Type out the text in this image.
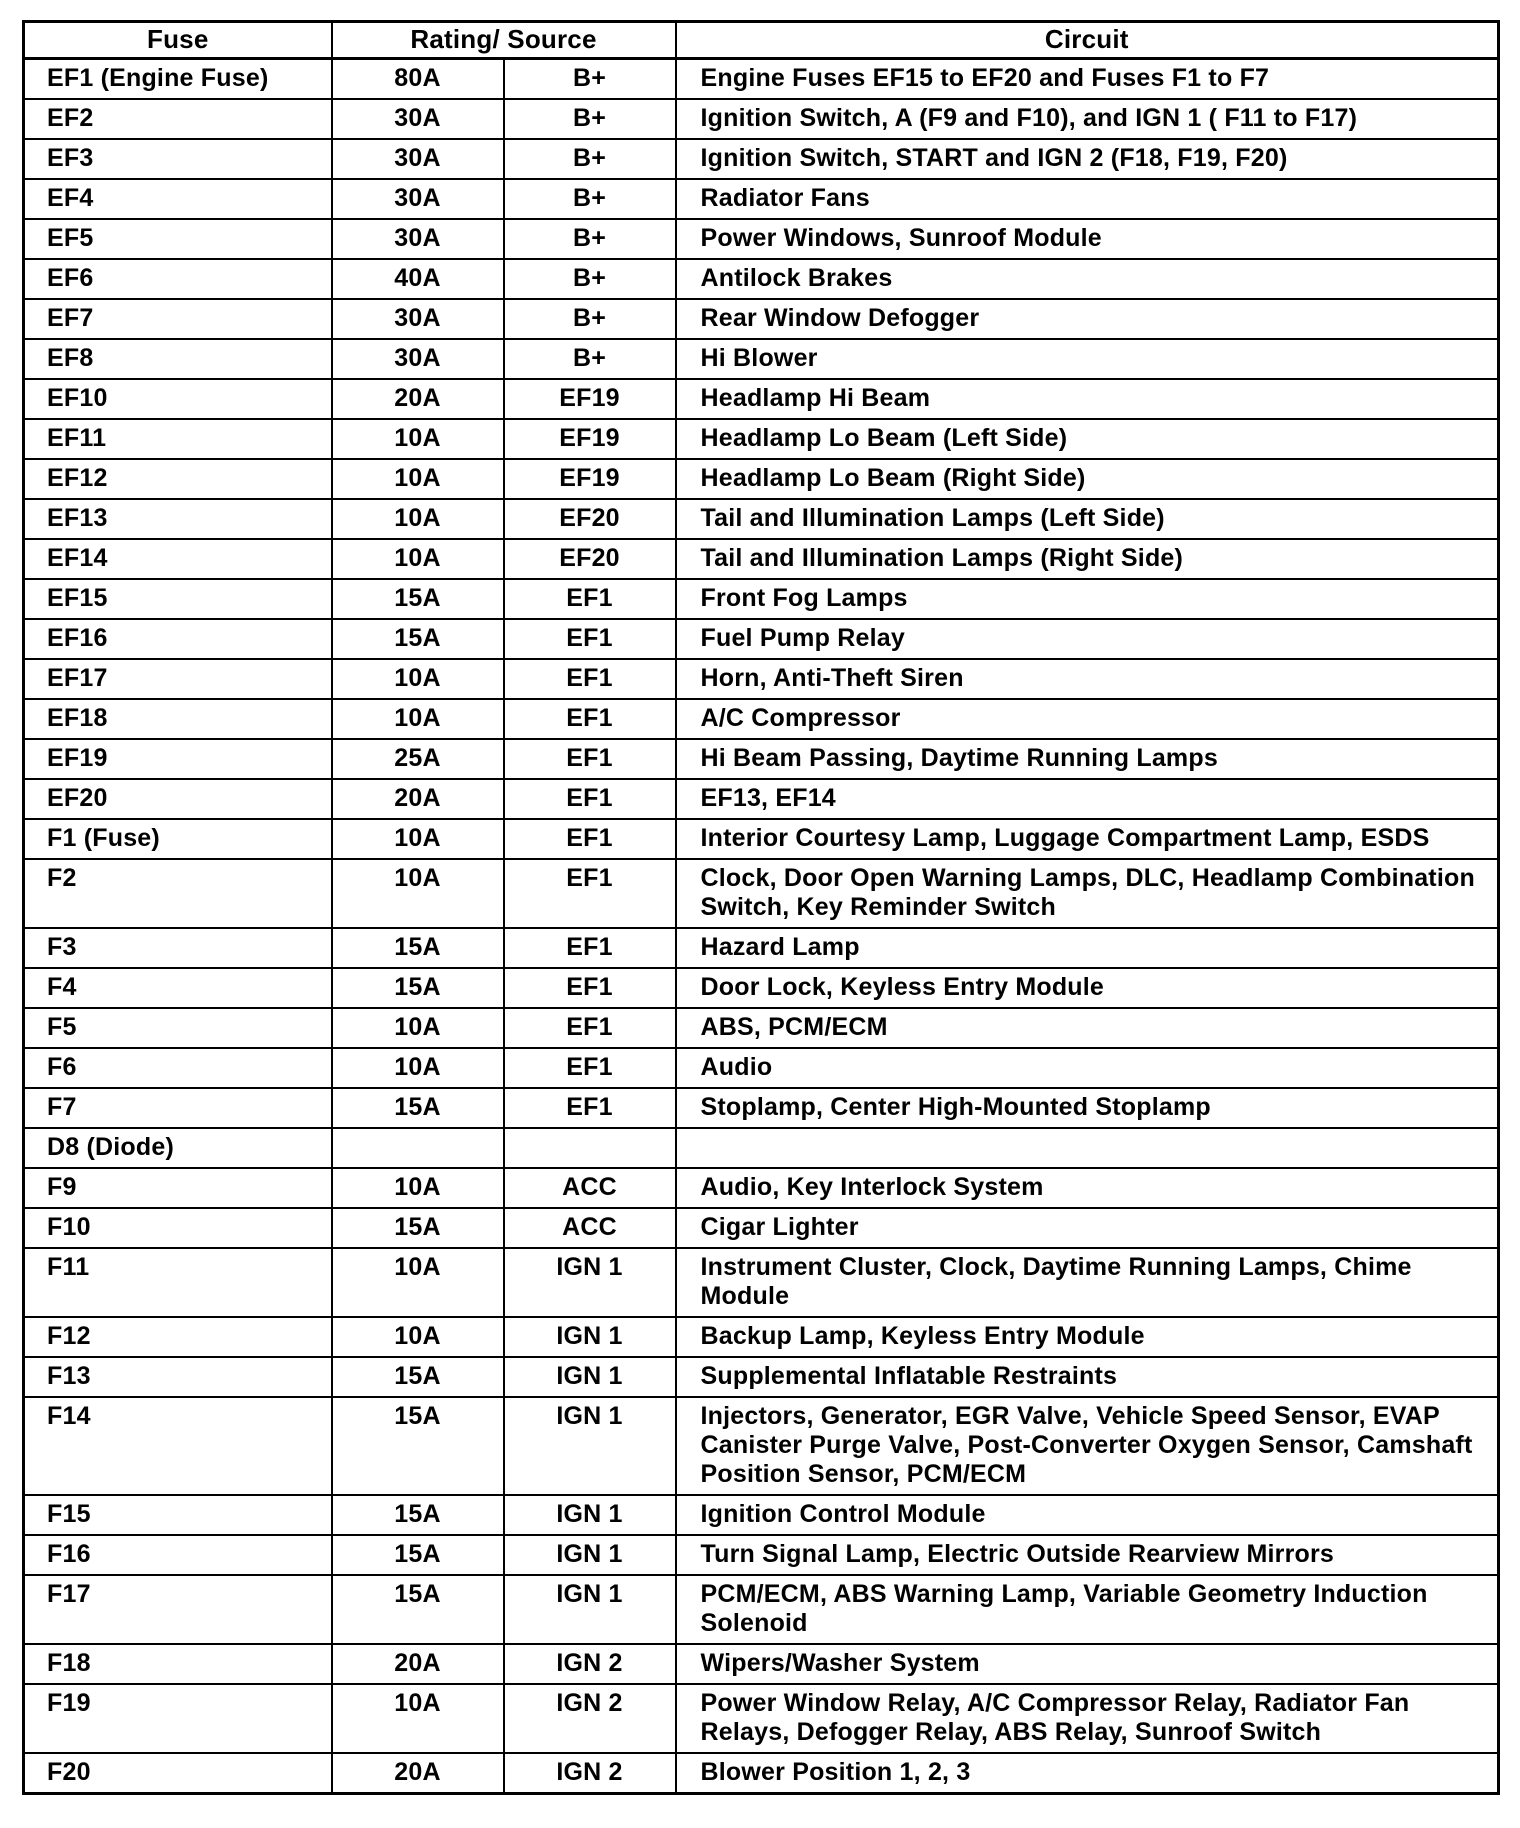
Fuse	Rating/ Source		Circuit
EF1 (Engine Fuse)	80A	B+	Engine Fuses EF15 to EF20 and Fuses F1 to F7
EF2	30A	B+	Ignition Switch, A (F9 and F10), and IGN 1 ( F11 to F17)
EF3	30A	B+	Ignition Switch, START and IGN 2 (F18, F19, F20)
EF4	30A	B+	Radiator Fans
EF5	30A	B+	Power Windows, Sunroof Module
EF6	40A	B+	Antilock Brakes
EF7	30A	B+	Rear Window Defogger
EF8	30A	B+	Hi Blower
EF10	20A	EF19	Headlamp Hi Beam
EF11	10A	EF19	Headlamp Lo Beam (Left Side)
EF12	10A	EF19	Headlamp Lo Beam (Right Side)
EF13	10A	EF20	Tail and Illumination Lamps (Left Side)
EF14	10A	EF20	Tail and Illumination Lamps (Right Side)
EF15	15A	EF1	Front Fog Lamps
EF16	15A	EF1	Fuel Pump Relay
EF17	10A	EF1	Horn, Anti-Theft Siren
EF18	10A	EF1	A/C Compressor
EF19	25A	EF1	Hi Beam Passing, Daytime Running Lamps
EF20	20A	EF1	EF13, EF14
F1 (Fuse)	10A	EF1	Interior Courtesy Lamp, Luggage Compartment Lamp, ESDS
F2	10A	EF1	Clock, Door Open Warning Lamps, DLC, Headlamp Combination Switch, Key Reminder Switch
F3	15A	EF1	Hazard Lamp
F4	15A	EF1	Door Lock, Keyless Entry Module
F5	10A	EF1	ABS, PCM/ECM
F6	10A	EF1	Audio
F7	15A	EF1	Stoplamp, Center High-Mounted Stoplamp
D8 (Diode)			
F9	10A	ACC	Audio, Key Interlock System
F10	15A	ACC	Cigar Lighter
F11	10A	IGN 1	Instrument Cluster, Clock, Daytime Running Lamps, Chime Module
F12	10A	IGN 1	Backup Lamp, Keyless Entry Module
F13	15A	IGN 1	Supplemental Inflatable Restraints
F14	15A	IGN 1	Injectors, Generator, EGR Valve, Vehicle Speed Sensor, EVAP Canister Purge Valve, Post-Converter Oxygen Sensor, Camshaft Position Sensor, PCM/ECM
F15	15A	IGN 1	Ignition Control Module
F16	15A	IGN 1	Turn Signal Lamp, Electric Outside Rearview Mirrors
F17	15A	IGN 1	PCM/ECM, ABS Warning Lamp, Variable Geometry Induction Solenoid
F18	20A	IGN 2	Wipers/Washer System
F19	10A	IGN 2	Power Window Relay, A/C Compressor Relay, Radiator Fan Relays, Defogger Relay, ABS Relay, Sunroof Switch
F20	20A	IGN 2	Blower Position 1, 2, 3
